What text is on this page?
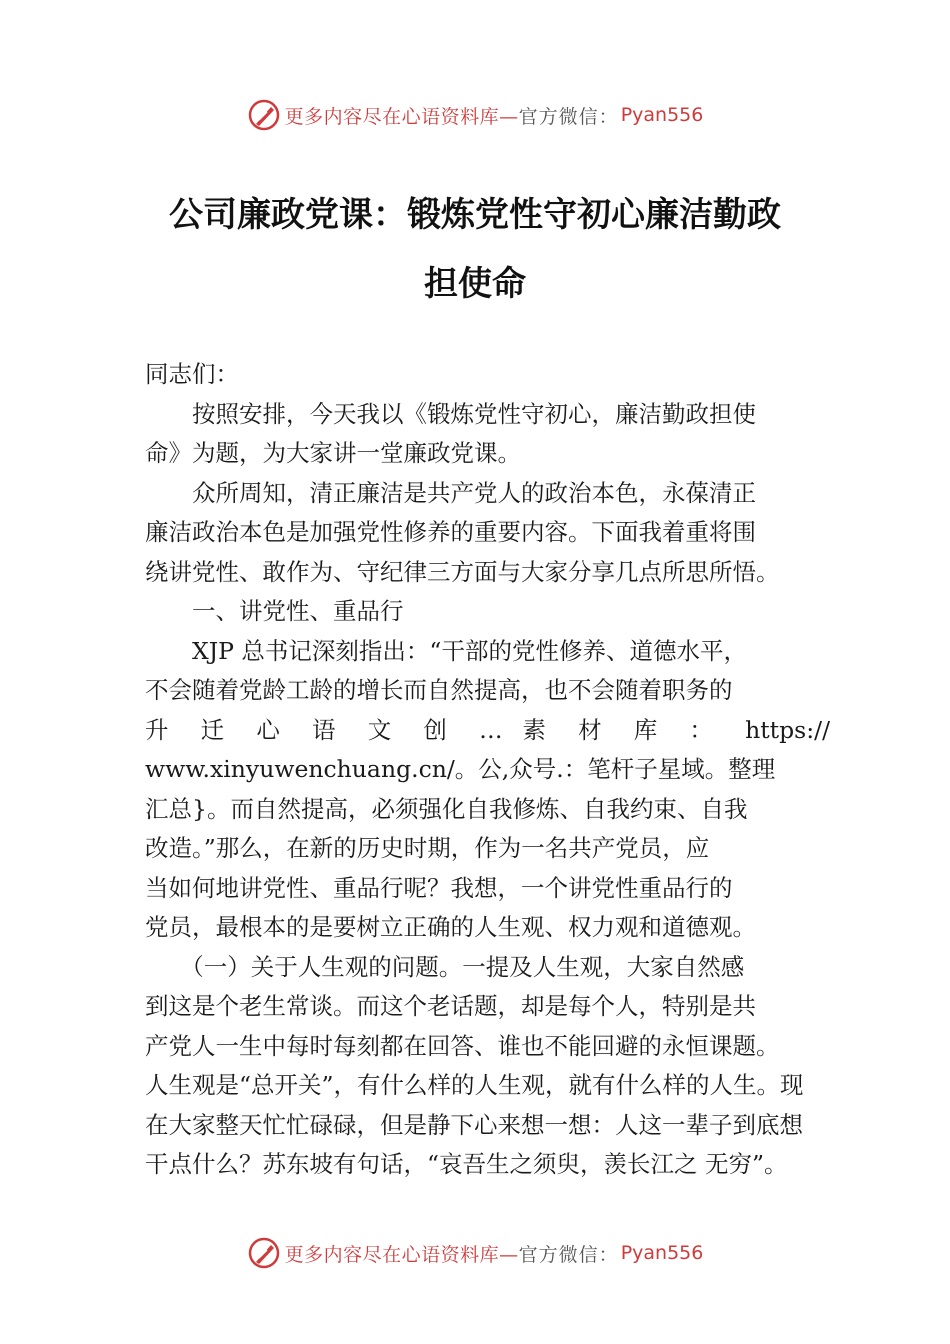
更多内容尽在心语资料库— 官方微信： Pyan556
公司廉政党课：锻炼党性守初心廉洁勤政
担使命
同志们：
　　按照安排，今天我以《锻炼党性守初心，廉洁勤政担使
命》为题，为大家讲一堂廉政党课。
　　众所周知，清正廉洁是共产党人的政治本色，永葆清正
廉洁政治本色是加强党性修养的重要内容。下面我着重将围
绕讲党性、敢作为、守纪律三方面与大家分享几点所思所悟。
　　一、讲党性、重品行
　　XJP 总书记深刻指出：“干部的党性修养、道德水平，
不会随着党龄工龄的增长而自然提高，也不会随着职务的
升 迁 心 语 文 创 … 素 材 库 ： https://
www.xinyuwenchuang.cn/。公,众号.：笔杆子星域。整理
汇总}。而自然提高，必须强化自我修炼、自我约束、自我
改造。”那么，在新的历史时期，作为一名共产党员，应
当如何地讲党性、重品行呢？我想，一个讲党性重品行的
党员，最根本的是要树立正确的人生观、权力观和道德观。
　　（一）关于人生观的问题。一提及人生观，大家自然感
到这是个老生常谈。而这个老话题，却是每个人，特别是共
产党人一生中每时每刻都在回答、谁也不能回避的永恒课题。
人生观是“总开关”，有什么样的人生观，就有什么样的人生。现
在大家整天忙忙碌碌，但是静下心来想一想：人这一辈子到底想
干点什么？苏东坡有句话，“哀吾生之须臾，羡长江之 无穷”。
更多内容尽在心语资料库— 官方微信： Pyan556
